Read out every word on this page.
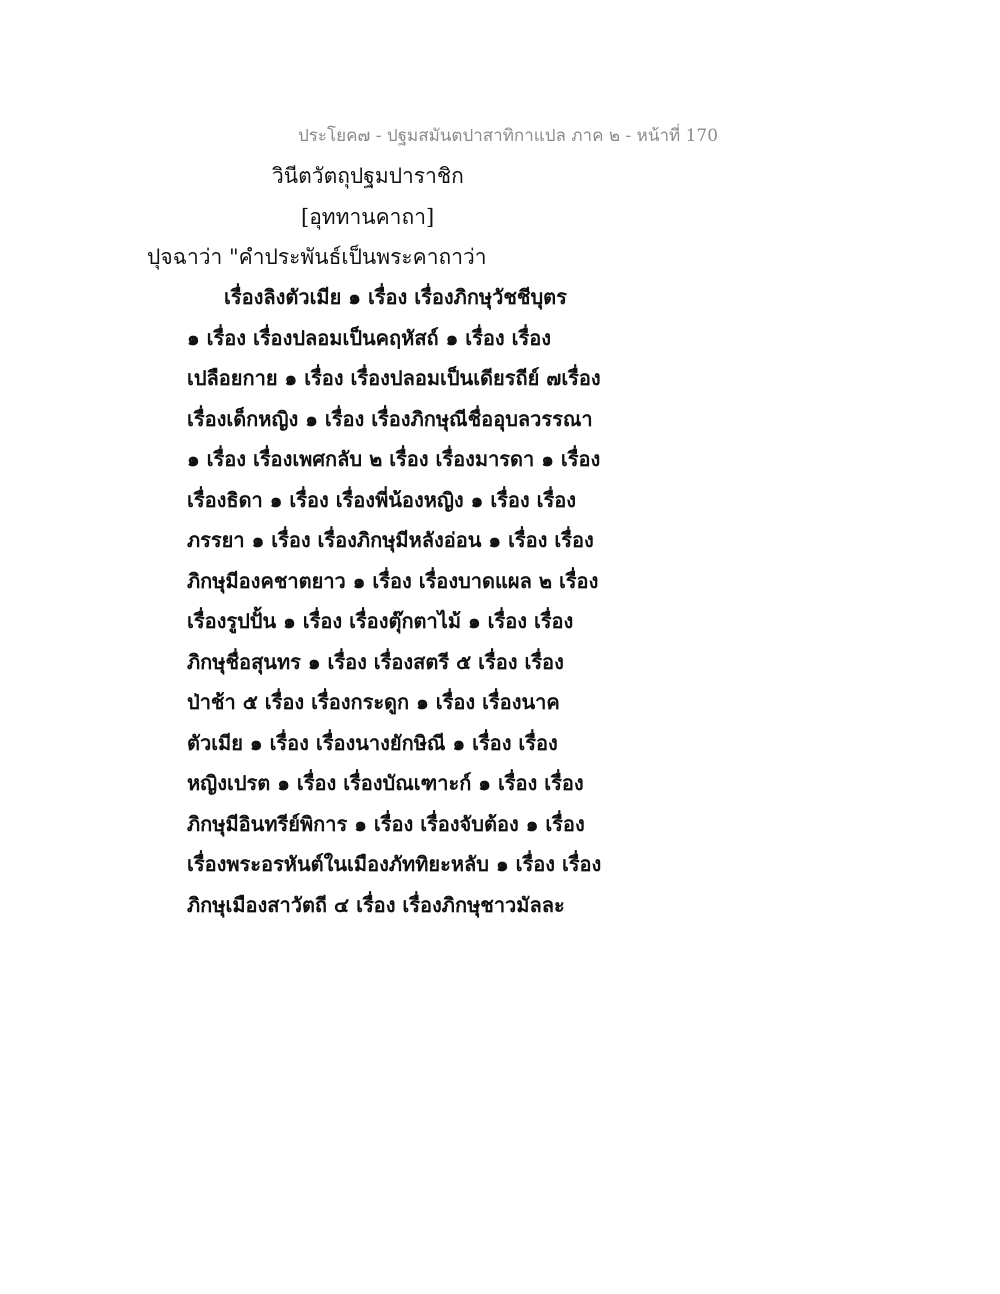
ประโยค๗ - ปฐมสมันตปาสาทิกาแปล ภาค ๒ - หน้าที่ 170
วินีตวัตถุปฐมปาราชิก
[อุททานคาถา]
ปุจฉาว่า "คำประพันธ์เป็นพระคาถาว่า
เรื่องลิงตัวเมีย ๑ เรื่อง เรื่องภิกษุวัชชีบุตร
๑ เรื่อง เรื่องปลอมเป็นคฤหัสถ์ ๑ เรื่อง เรื่อง
เปลือยกาย ๑ เรื่อง เรื่องปลอมเป็นเดียรถีย์ ๗เรื่อง
เรื่องเด็กหญิง ๑ เรื่อง เรื่องภิกษุณีชื่ออุบลวรรณา
๑ เรื่อง เรื่องเพศกลับ ๒ เรื่อง เรื่องมารดา ๑ เรื่อง
เรื่องธิดา ๑ เรื่อง เรื่องพี่น้องหญิง ๑ เรื่อง เรื่อง
ภรรยา ๑ เรื่อง เรื่องภิกษุมีหลังอ่อน ๑ เรื่อง เรื่อง
ภิกษุมีองคชาตยาว ๑ เรื่อง เรื่องบาดแผล ๒ เรื่อง
เรื่องรูปปั้น ๑ เรื่อง เรื่องตุ๊กตาไม้ ๑ เรื่อง เรื่อง
ภิกษุชื่อสุนทร ๑ เรื่อง เรื่องสตรี ๕ เรื่อง เรื่อง
ป่าช้า ๕ เรื่อง เรื่องกระดูก ๑ เรื่อง เรื่องนาค
ตัวเมีย ๑ เรื่อง เรื่องนางยักษิณี ๑ เรื่อง เรื่อง
หญิงเปรต ๑ เรื่อง เรื่องบัณเฑาะก์ ๑ เรื่อง เรื่อง
ภิกษุมีอินทรีย์พิการ ๑ เรื่อง เรื่องจับต้อง ๑ เรื่อง
เรื่องพระอรหันต์ในเมืองภัททิยะหลับ ๑ เรื่อง เรื่อง
ภิกษุเมืองสาวัตถี ๔ เรื่อง เรื่องภิกษุชาวมัลละ
